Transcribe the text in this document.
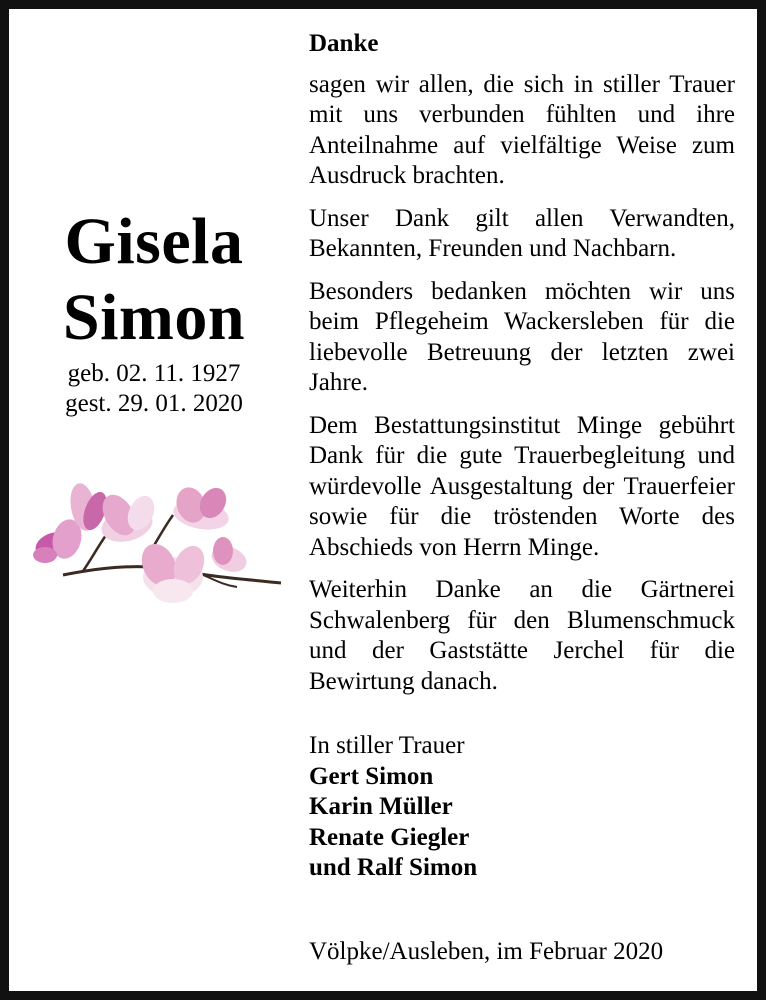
Gisela
Simon
geb. 02. 11. 1927
gest. 29. 01. 2020
Danke

sagen wir allen, die sich in stiller Trauer mit uns verbunden fühlten und ihre Anteilnahme auf vielfältige Weise zum Ausdruck brachten.

Unser Dank gilt allen Verwandten, Bekannten, Freunden und Nachbarn.

Besonders bedanken möchten wir uns beim Pflegeheim Wackersleben für die liebevolle Betreuung der letzten zwei Jahre.

Dem Bestattungsinstitut Minge gebührt Dank für die gute Trauerbegleitung und würdevolle Ausgestaltung der Trauerfeier sowie für die tröstenden Worte des Abschieds von Herrn Minge.

Weiterhin Danke an die Gärtnerei Schwalenberg für den Blumenschmuck und der Gaststätte Jerchel für die Bewirtung danach.

In stiller Trauer
Gert Simon
Karin Müller
Renate Giegler
und Ralf Simon
Völpke/Ausleben, im Februar 2020
